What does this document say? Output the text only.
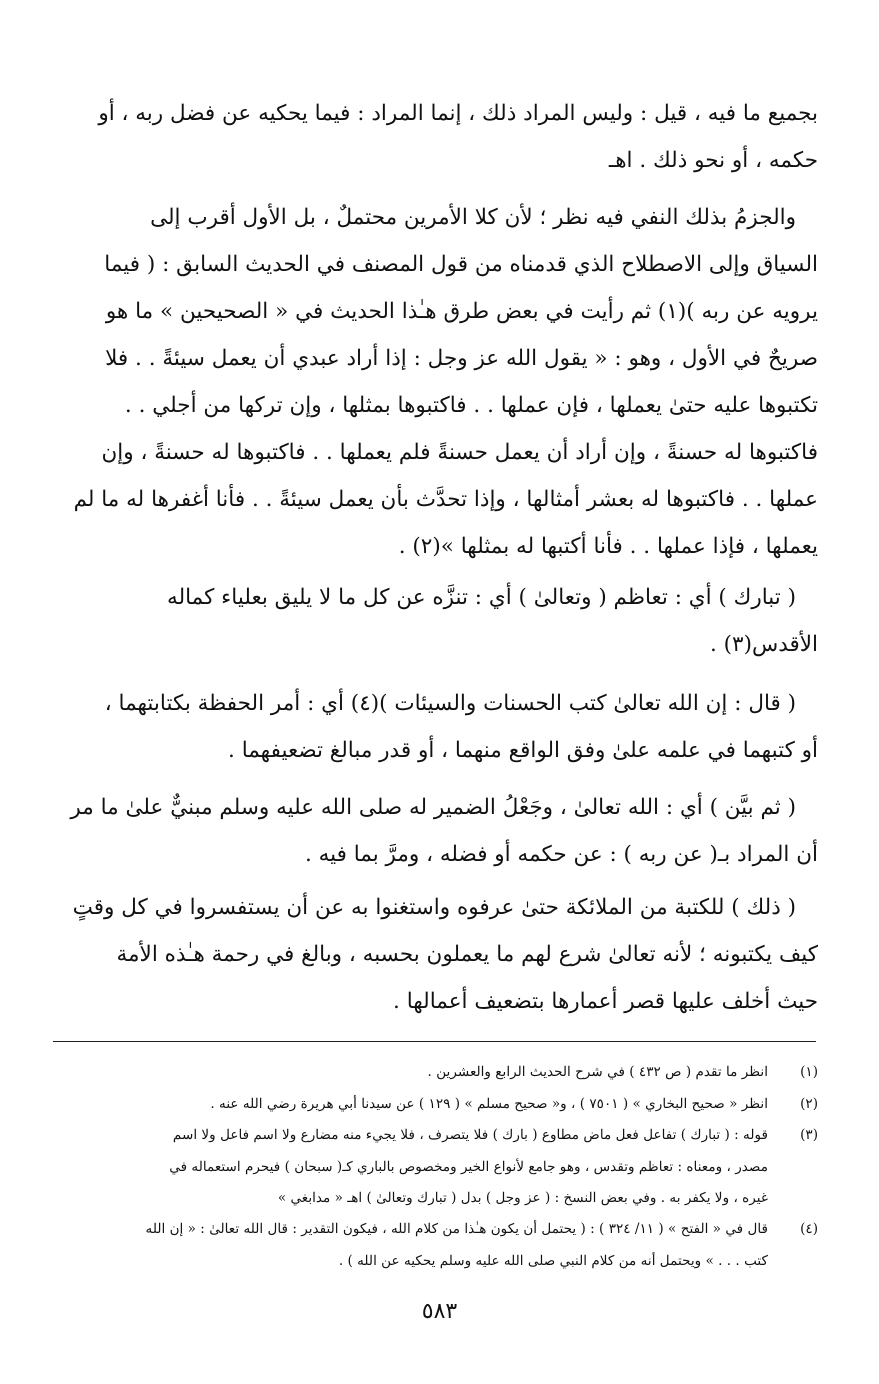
بجميع ما فيه ، قيل : وليس المراد ذلك ، إنما المراد : فيما يحكيه عن فضل ربه ، أو
حكمه ، أو نحو ذلك . اهـ

والجزمُ بذلك النفي فيه نظر ؛ لأن كلا الأمرين محتملٌ ، بل الأول أقرب إلى
السياق وإلى الاصطلاح الذي قدمناه من قول المصنف في الحديث السابق : ( فيما
يرويه عن ربه )(١) ثم رأيت في بعض طرق هـٰذا الحديث في « الصحيحين » ما هو
صريحٌ في الأول ، وهو : « يقول الله عز وجل : إذا أراد عبدي أن يعمل سيئةً . . فلا
تكتبوها عليه حتىٰ يعملها ، فإن عملها . . فاكتبوها بمثلها ، وإن تركها من أجلي . .
فاكتبوها له حسنةً ، وإن أراد أن يعمل حسنةً فلم يعملها . . فاكتبوها له حسنةً ، وإن
عملها . . فاكتبوها له بعشر أمثالها ، وإذا تحدَّث بأن يعمل سيئةً . . فأنا أغفرها له ما لم
يعملها ، فإذا عملها . . فأنا أكتبها له بمثلها »(٢) .

( تبارك ) أي : تعاظم ( وتعالىٰ ) أي : تنزَّه عن كل ما لا يليق بعلياء كماله
الأقدس(٣) .

( قال : إن الله تعالىٰ كتب الحسنات والسيئات )(٤) أي : أمر الحفظة بكتابتهما ،
أو كتبهما في علمه علىٰ وفق الواقع منهما ، أو قدر مبالغ تضعيفهما .

( ثم بيَّن ) أي : الله تعالىٰ ، وجَعْلُ الضمير له صلى الله عليه وسلم مبنيٌّ علىٰ ما مر
أن المراد بـ( عن ربه ) : عن حكمه أو فضله ، ومرَّ بما فيه .

( ذلك ) للكتبة من الملائكة حتىٰ عرفوه واستغنوا به عن أن يستفسروا في كل وقتٍ
كيف يكتبونه ؛ لأنه تعالىٰ شرع لهم ما يعملون بحسبه ، وبالغ في رحمة هـٰذه الأمة
حيث أخلف عليها قصر أعمارها بتضعيف أعمالها .

(١)
انظر ما تقدم ( ص ٤٣٢ ) في شرح الحديث الرابع والعشرين .
(٢)
انظر « صحيح البخاري » ( ٧٥٠١ ) ، و« صحيح مسلم » ( ١٢٩ ) عن سيدنا أبي هريرة رضي الله عنه .
(٣)
قوله : ( تبارك ) تفاعل فعل ماض مطاوع ( بارك ) فلا يتصرف ، فلا يجيء منه مضارع ولا اسم فاعل ولا اسم
مصدر ، ومعناه : تعاظم وتقدس ، وهو جامع لأنواع الخير ومخصوص بالباري كـ( سبحان ) فيحرم استعماله في
غيره ، ولا يكفر به . وفي بعض النسخ : ( عز وجل ) بدل ( تبارك وتعالىٰ ) اهـ « مدابغي »
(٤)
قال في « الفتح » ( ١١/ ٣٢٤ ) : ( يحتمل أن يكون هـٰذا من كلام الله ، فيكون التقدير : قال الله تعالىٰ : « إن الله
كتب . . . » ويحتمل أنه من كلام النبي صلى الله عليه وسلم يحكيه عن الله ) .
٥٨٣
